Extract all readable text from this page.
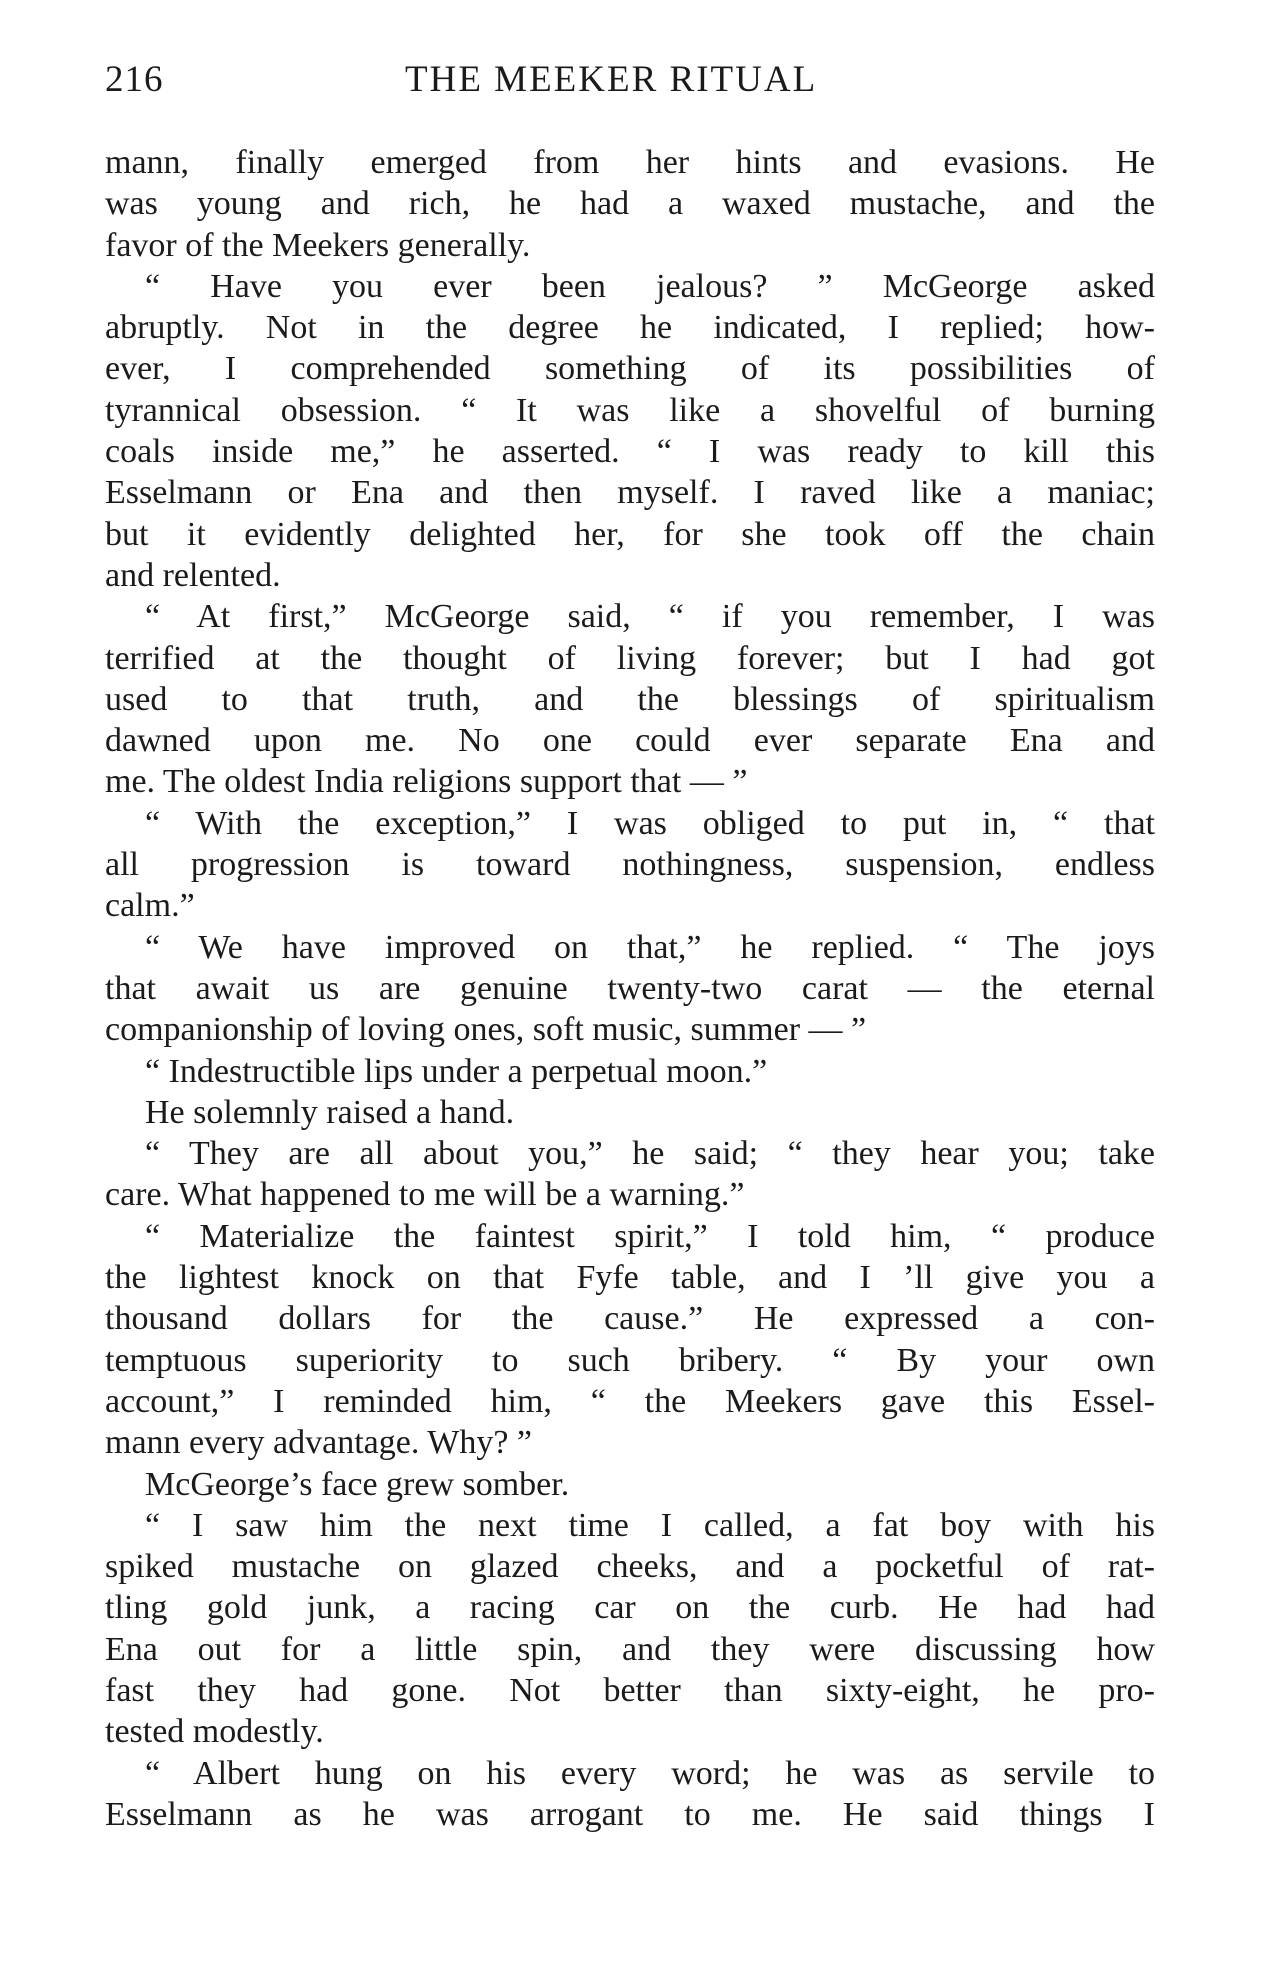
216	THE MEEKER RITUAL
mann, finally emerged from her hints and evasions. He
was young and rich, he had a waxed mustache, and the
favor of the Meekers generally.
“ Have you ever been jealous? ” McGeorge asked
abruptly. Not in the degree he indicated, I replied; how-
ever, I comprehended something of its possibilities of
tyrannical obsession. “ It was like a shovelful of burning
coals inside me,” he asserted. “ I was ready to kill this
Esselmann or Ena and then myself. I raved like a maniac;
but it evidently delighted her, for she took off the chain
and relented.
“ At first,” McGeorge said, “ if you remember, I was
terrified at the thought of living forever; but I had got
used to that truth, and the blessings of spiritualism
dawned upon me. No one could ever separate Ena and
me. The oldest India religions support that — ”
“ With the exception,” I was obliged to put in, “ that
all progression is toward nothingness, suspension, endless
calm.”
“ We have improved on that,” he replied. “ The joys
that await us are genuine twenty-two carat — the eternal
companionship of loving ones, soft music, summer — ”
“ Indestructible lips under a perpetual moon.”
He solemnly raised a hand.
“ They are all about you,” he said; “ they hear you; take
care. What happened to me will be a warning.”
“ Materialize the faintest spirit,” I told him, “ produce
the lightest knock on that Fyfe table, and I ’ll give you a
thousand dollars for the cause.” He expressed a con-
temptuous superiority to such bribery. “ By your own
account,” I reminded him, “ the Meekers gave this Essel-
mann every advantage. Why? ”
McGeorge’s face grew somber.
“ I saw him the next time I called, a fat boy with his
spiked mustache on glazed cheeks, and a pocketful of rat-
tling gold junk, a racing car on the curb. He had had
Ena out for a little spin, and they were discussing how
fast they had gone. Not better than sixty-eight, he pro-
tested modestly.
“ Albert hung on his every word; he was as servile to
Esselmann as he was arrogant to me. He said things I
